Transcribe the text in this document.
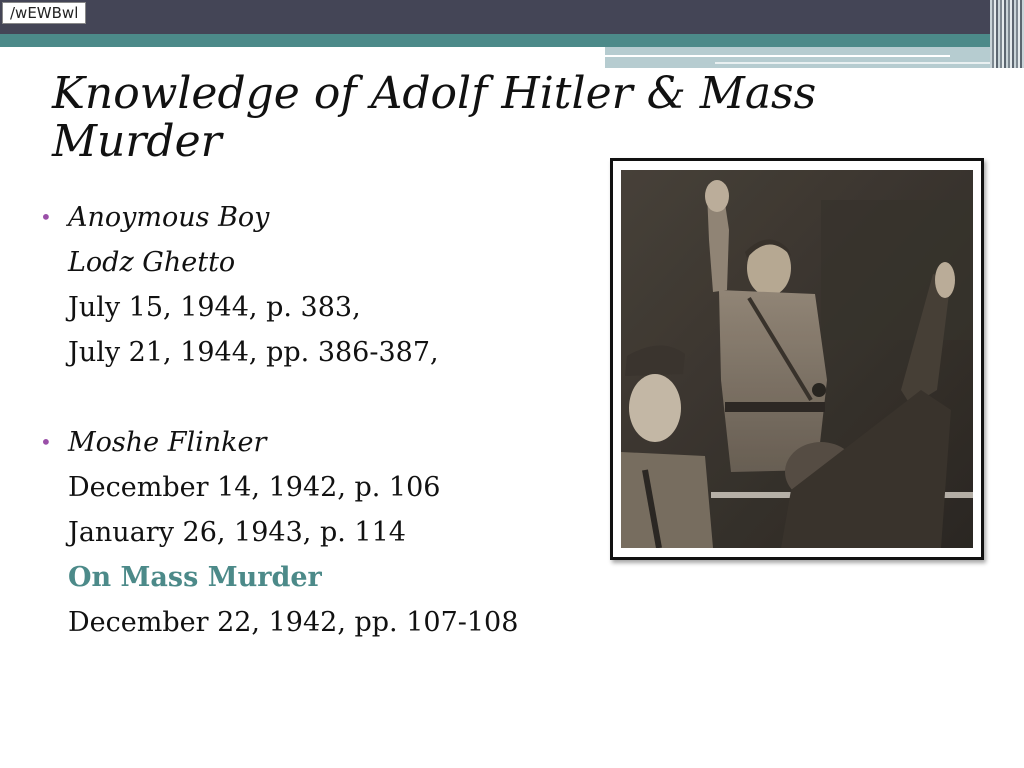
/wEWBwl
Knowledge of Adolf Hitler & Mass Murder
• Anoymous Boy
Lodz Ghetto
July 15, 1944, p. 383,
July 21, 1944, pp. 386-387,
• Moshe Flinker
December 14, 1942, p. 106
January 26, 1943, p. 114
On Mass Murder
December 22, 1942, pp. 107-108
